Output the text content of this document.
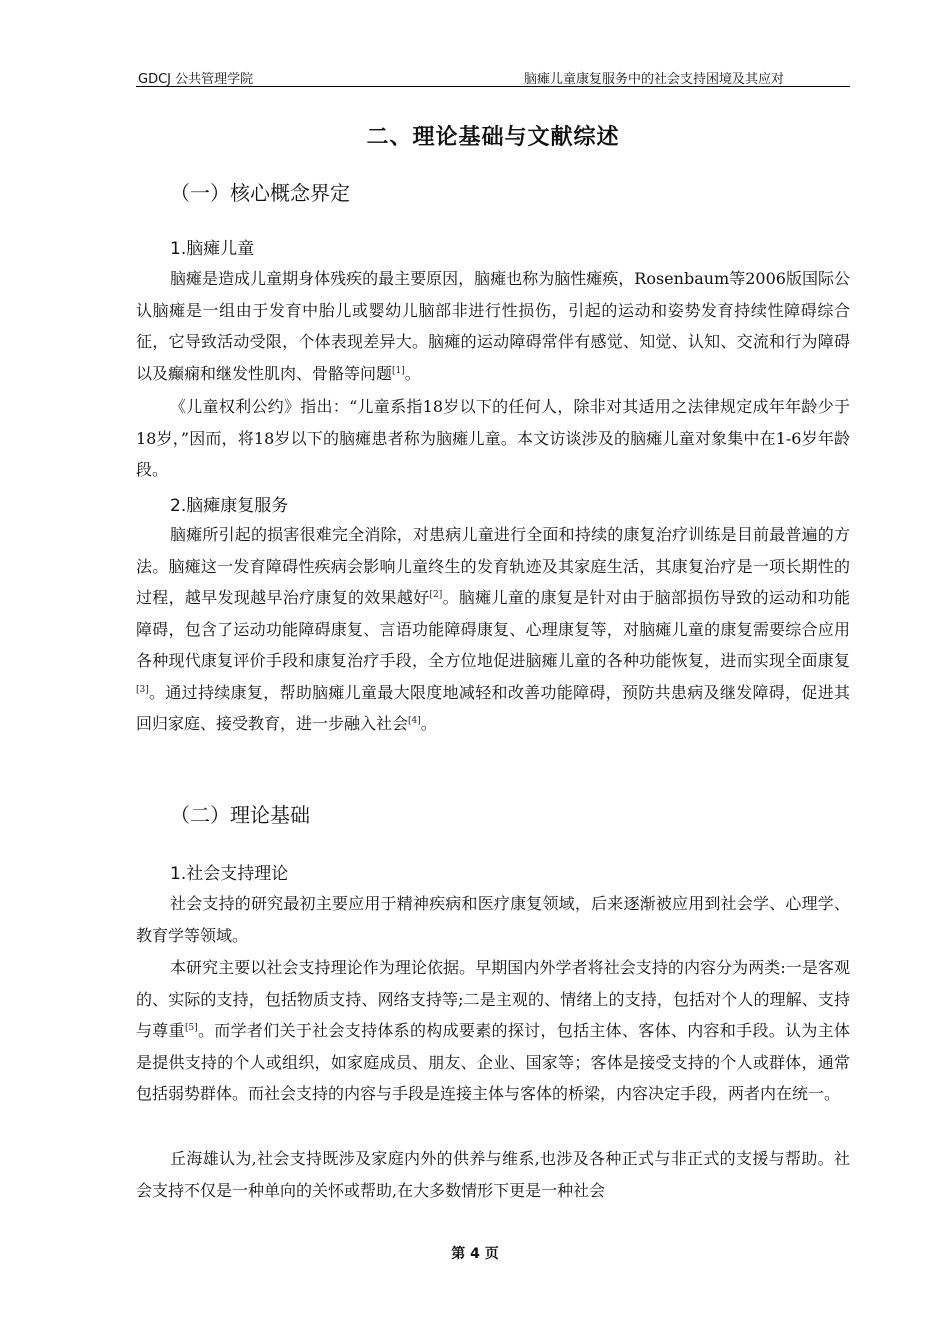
GDCJ 公共管理学院	脑瘫儿童康复服务中的社会支持困境及其应对
二、理论基础与文献综述
（一）核心概念界定
1.脑瘫儿童

脑瘫是造成儿童期身体残疾的最主要原因，脑瘫也称为脑性瘫痪，Rosenbaum等2006版国际公认脑瘫是一组由于发育中胎儿或婴幼儿脑部非进行性损伤，引起的运动和姿势发育持续性障碍综合征，它导致活动受限，个体表现差异大。脑瘫的运动障碍常伴有感觉、知觉、认知、交流和行为障碍以及癫痫和继发性肌肉、骨骼等问题[1]。

《儿童权利公约》指出：“儿童系指18岁以下的任何人，除非对其适用之法律规定成年年龄少于18岁，”因而，将18岁以下的脑瘫患者称为脑瘫儿童。本文访谈涉及的脑瘫儿童对象集中在1-6岁年龄段。

2.脑瘫康复服务

脑瘫所引起的损害很难完全消除，对患病儿童进行全面和持续的康复治疗训练是目前最普遍的方法。脑瘫这一发育障碍性疾病会影响儿童终生的发育轨迹及其家庭生活，其康复治疗是一项长期性的过程，越早发现越早治疗康复的效果越好[2]。脑瘫儿童的康复是针对由于脑部损伤导致的运动和功能障碍，包含了运动功能障碍康复、言语功能障碍康复、心理康复等，对脑瘫儿童的康复需要综合应用各种现代康复评价手段和康复治疗手段，全方位地促进脑瘫儿童的各种功能恢复，进而实现全面康复[3]。通过持续康复，帮助脑瘫儿童最大限度地减轻和改善功能障碍，预防共患病及继发障碍，促进其回归家庭、接受教育，进一步融入社会[4]。

（二）理论基础
1.社会支持理论

社会支持的研究最初主要应用于精神疾病和医疗康复领域，后来逐渐被应用到社会学、心理学、教育学等领域。

本研究主要以社会支持理论作为理论依据。早期国内外学者将社会支持的内容分为两类:一是客观的、实际的支持，包括物质支持、网络支持等;二是主观的、情绪上的支持，包括对个人的理解、支持与尊重[5]。而学者们关于社会支持体系的构成要素的探讨，包括主体、客体、内容和手段。认为主体是提供支持的个人或组织，如家庭成员、朋友、企业、国家等；客体是接受支持的个人或群体，通常包括弱势群体。而社会支持的内容与手段是连接主体与客体的桥梁，内容决定手段，两者内在统一。

丘海雄认为,社会支持既涉及家庭内外的供养与维系,也涉及各种正式与非正式的支援与帮助。社会支持不仅是一种单向的关怀或帮助,在大多数情形下更是一种社会

第 4 页
